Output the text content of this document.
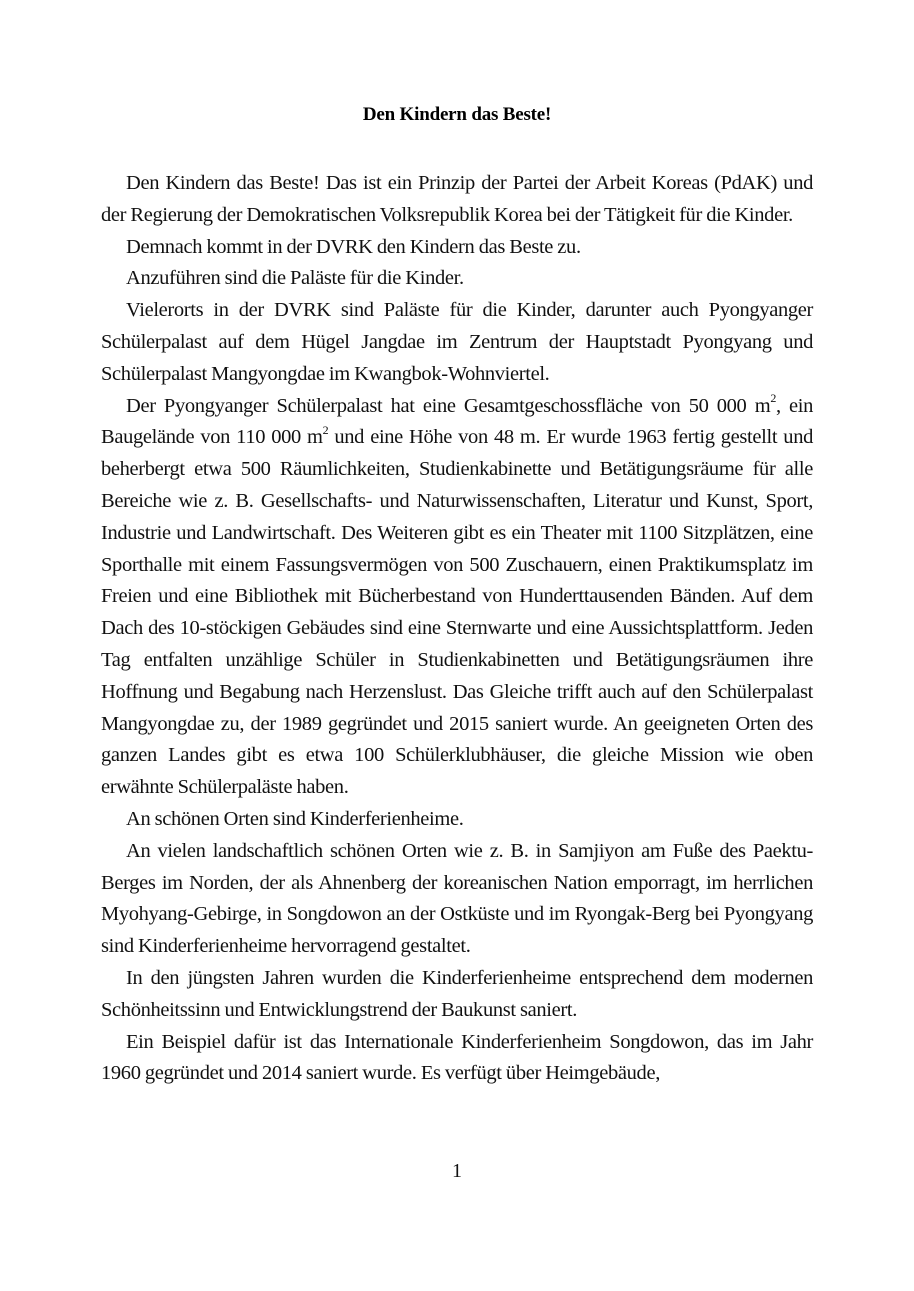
Den Kindern das Beste!

Den Kindern das Beste! Das ist ein Prinzip der Partei der Arbeit Koreas (PdAK) und der Regierung der Demokratischen Volksrepublik Korea bei der Tätigkeit für die Kinder.

Demnach kommt in der DVRK den Kindern das Beste zu.

Anzuführen sind die Paläste für die Kinder.

Vielerorts in der DVRK sind Paläste für die Kinder, darunter auch Pyongyanger Schülerpalast auf dem Hügel Jangdae im Zentrum der Hauptstadt Pyongyang und Schülerpalast Mangyongdae im Kwangbok-Wohnviertel.

Der Pyongyanger Schülerpalast hat eine Gesamtgeschossfläche von 50 000 $m^2$, ein Baugelände von 110 000 $m^2$ und eine Höhe von 48 m. Er wurde 1963 fertig gestellt und beherbergt etwa 500 Räumlichkeiten, Studienkabinette und Betätigungsräume für alle Bereiche wie z. B. Gesellschafts- und Naturwissenschaften, Literatur und Kunst, Sport, Industrie und Landwirtschaft. Des Weiteren gibt es ein Theater mit 1100 Sitzplätzen, eine Sporthalle mit einem Fassungsvermögen von 500 Zuschauern, einen Praktikumsplatz im Freien und eine Bibliothek mit Bücherbestand von Hunderttausenden Bänden. Auf dem Dach des 10-stöckigen Gebäudes sind eine Sternwarte und eine Aussichtsplattform. Jeden Tag entfalten unzählige Schüler in Studienkabinetten und Betätigungsräumen ihre Hoffnung und Begabung nach Herzenslust. Das Gleiche trifft auch auf den Schülerpalast Mangyongdae zu, der 1989 gegründet und 2015 saniert wurde. An geeigneten Orten des ganzen Landes gibt es etwa 100 Schülerklubhäuser, die gleiche Mission wie oben erwähnte Schülerpaläste haben.

An schönen Orten sind Kinderferienheime.

An vielen landschaftlich schönen Orten wie z. B. in Samjiyon am Fuße des Paektu-Berges im Norden, der als Ahnenberg der koreanischen Nation emporragt, im herrlichen Myohyang-Gebirge, in Songdowon an der Ostküste und im Ryongak-Berg bei Pyongyang sind Kinderferienheime hervorragend gestaltet.

In den jüngsten Jahren wurden die Kinderferienheime entsprechend dem modernen Schönheitssinn und Entwicklungstrend der Baukunst saniert.

Ein Beispiel dafür ist das Internationale Kinderferienheim Songdowon, das im Jahr 1960 gegründet und 2014 saniert wurde. Es verfügt über Heimgebäude,

1
